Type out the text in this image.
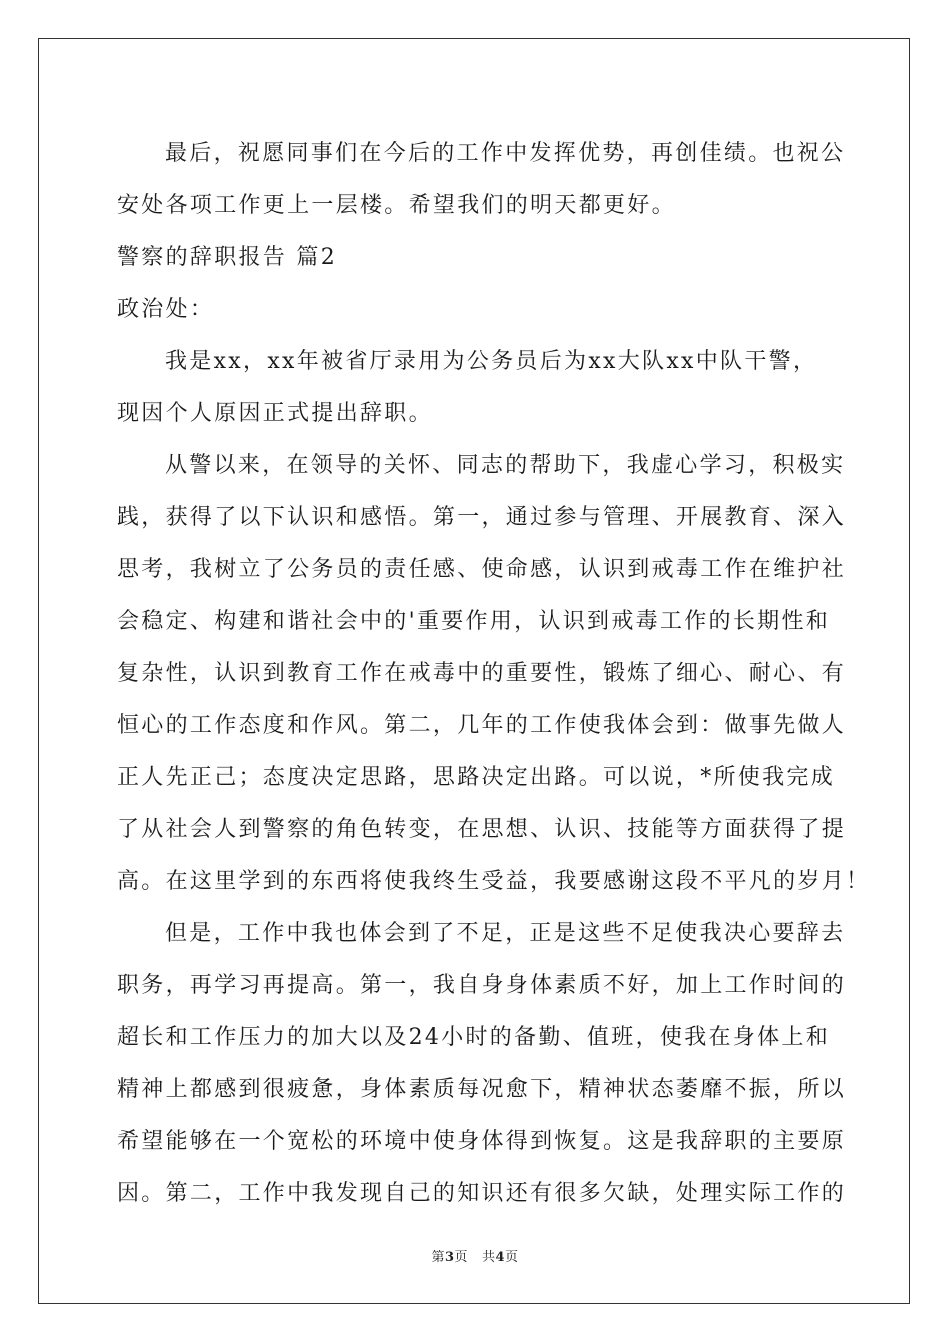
最后，祝愿同事们在今后的工作中发挥优势，再创佳绩。也祝公
安处各项工作更上一层楼。希望我们的明天都更好。
警察的辞职报告 篇2
政治处：
我是xx，xx年被省厅录用为公务员后为xx大队xx中队干警，
现因个人原因正式提出辞职。
从警以来，在领导的关怀、同志的帮助下，我虚心学习，积极实
践，获得了以下认识和感悟。第一，通过参与管理、开展教育、深入
思考，我树立了公务员的责任感、使命感，认识到戒毒工作在维护社
会稳定、构建和谐社会中的'重要作用，认识到戒毒工作的长期性和
复杂性，认识到教育工作在戒毒中的重要性，锻炼了细心、耐心、有
恒心的工作态度和作风。第二，几年的工作使我体会到：做事先做人
正人先正己；态度决定思路，思路决定出路。可以说，*所使我完成
了从社会人到警察的角色转变，在思想、认识、技能等方面获得了提
高。在这里学到的东西将使我终生受益，我要感谢这段不平凡的岁月！
但是，工作中我也体会到了不足，正是这些不足使我决心要辞去
职务，再学习再提高。第一，我自身身体素质不好，加上工作时间的
超长和工作压力的加大以及24小时的备勤、值班，使我在身体上和
精神上都感到很疲惫，身体素质每况愈下，精神状态萎靡不振，所以
希望能够在一个宽松的环境中使身体得到恢复。这是我辞职的主要原
因。第二，工作中我发现自己的知识还有很多欠缺，处理实际工作的
第3页 共4页
